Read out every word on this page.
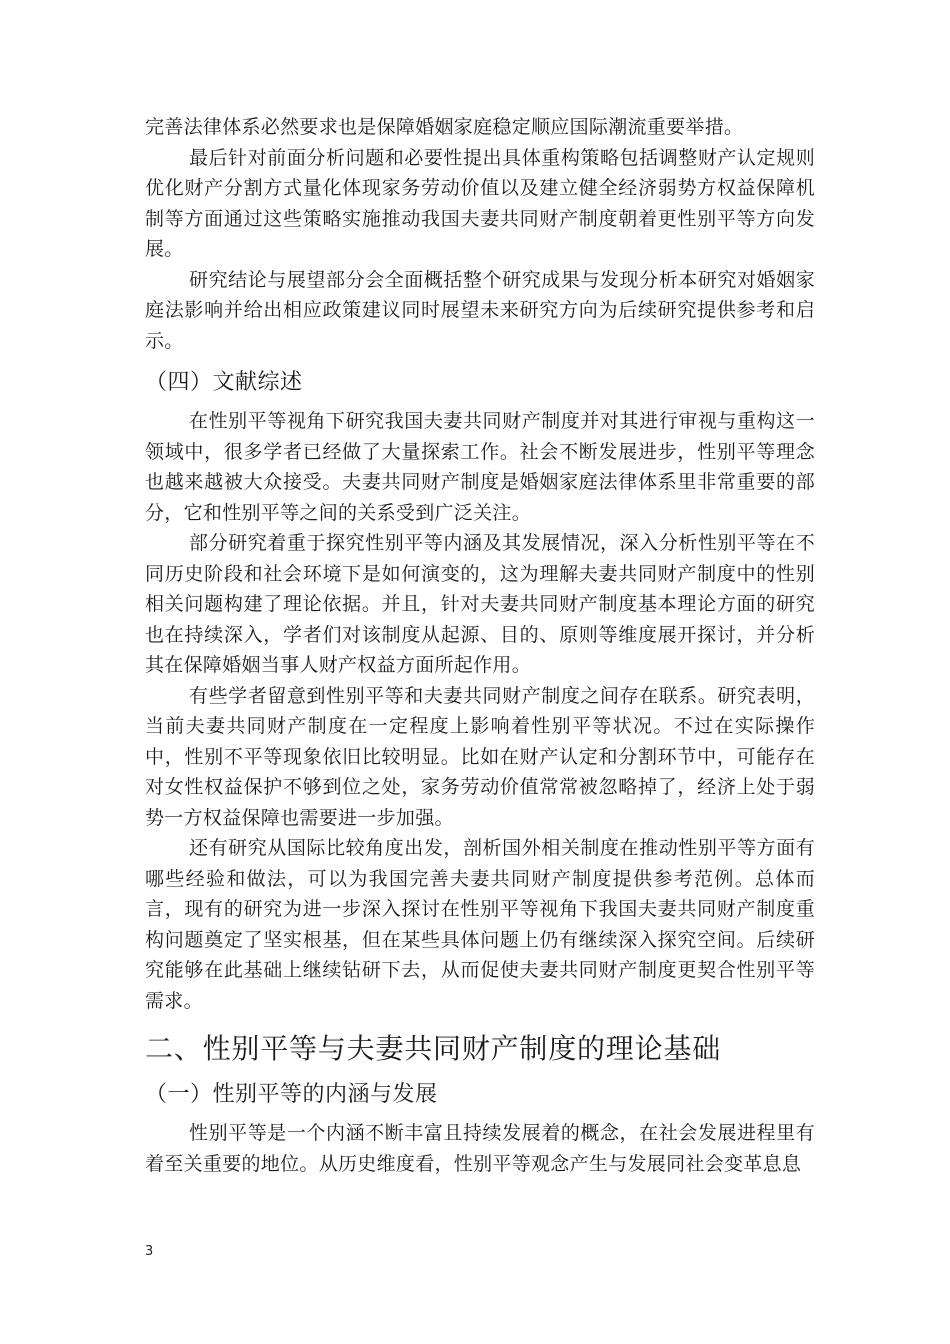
完善法律体系必然要求也是保障婚姻家庭稳定顺应国际潮流重要举措。

最后针对前面分析问题和必要性提出具体重构策略包括调整财产认定规则优化财产分割方式量化体现家务劳动价值以及建立健全经济弱势方权益保障机制等方面通过这些策略实施推动我国夫妻共同财产制度朝着更性别平等方向发展。

研究结论与展望部分会全面概括整个研究成果与发现分析本研究对婚姻家庭法影响并给出相应政策建议同时展望未来研究方向为后续研究提供参考和启示。

（四）文献综述

在性别平等视角下研究我国夫妻共同财产制度并对其进行审视与重构这一领域中，很多学者已经做了大量探索工作。社会不断发展进步，性别平等理念也越来越被大众接受。夫妻共同财产制度是婚姻家庭法律体系里非常重要的部分，它和性别平等之间的关系受到广泛关注。

部分研究着重于探究性别平等内涵及其发展情况，深入分析性别平等在不同历史阶段和社会环境下是如何演变的，这为理解夫妻共同财产制度中的性别相关问题构建了理论依据。并且，针对夫妻共同财产制度基本理论方面的研究也在持续深入，学者们对该制度从起源、目的、原则等维度展开探讨，并分析其在保障婚姻当事人财产权益方面所起作用。

有些学者留意到性别平等和夫妻共同财产制度之间存在联系。研究表明，当前夫妻共同财产制度在一定程度上影响着性别平等状况。不过在实际操作中，性别不平等现象依旧比较明显。比如在财产认定和分割环节中，可能存在对女性权益保护不够到位之处，家务劳动价值常常被忽略掉了，经济上处于弱势一方权益保障也需要进一步加强。

还有研究从国际比较角度出发，剖析国外相关制度在推动性别平等方面有哪些经验和做法，可以为我国完善夫妻共同财产制度提供参考范例。总体而言，现有的研究为进一步深入探讨在性别平等视角下我国夫妻共同财产制度重构问题奠定了坚实根基，但在某些具体问题上仍有继续深入探究空间。后续研究能够在此基础上继续钻研下去，从而促使夫妻共同财产制度更契合性别平等需求。

二、性别平等与夫妻共同财产制度的理论基础
（一）性别平等的内涵与发展

性别平等是一个内涵不断丰富且持续发展着的概念，在社会发展进程里有着至关重要的地位。从历史维度看，性别平等观念产生与发展同社会变革息息

3
